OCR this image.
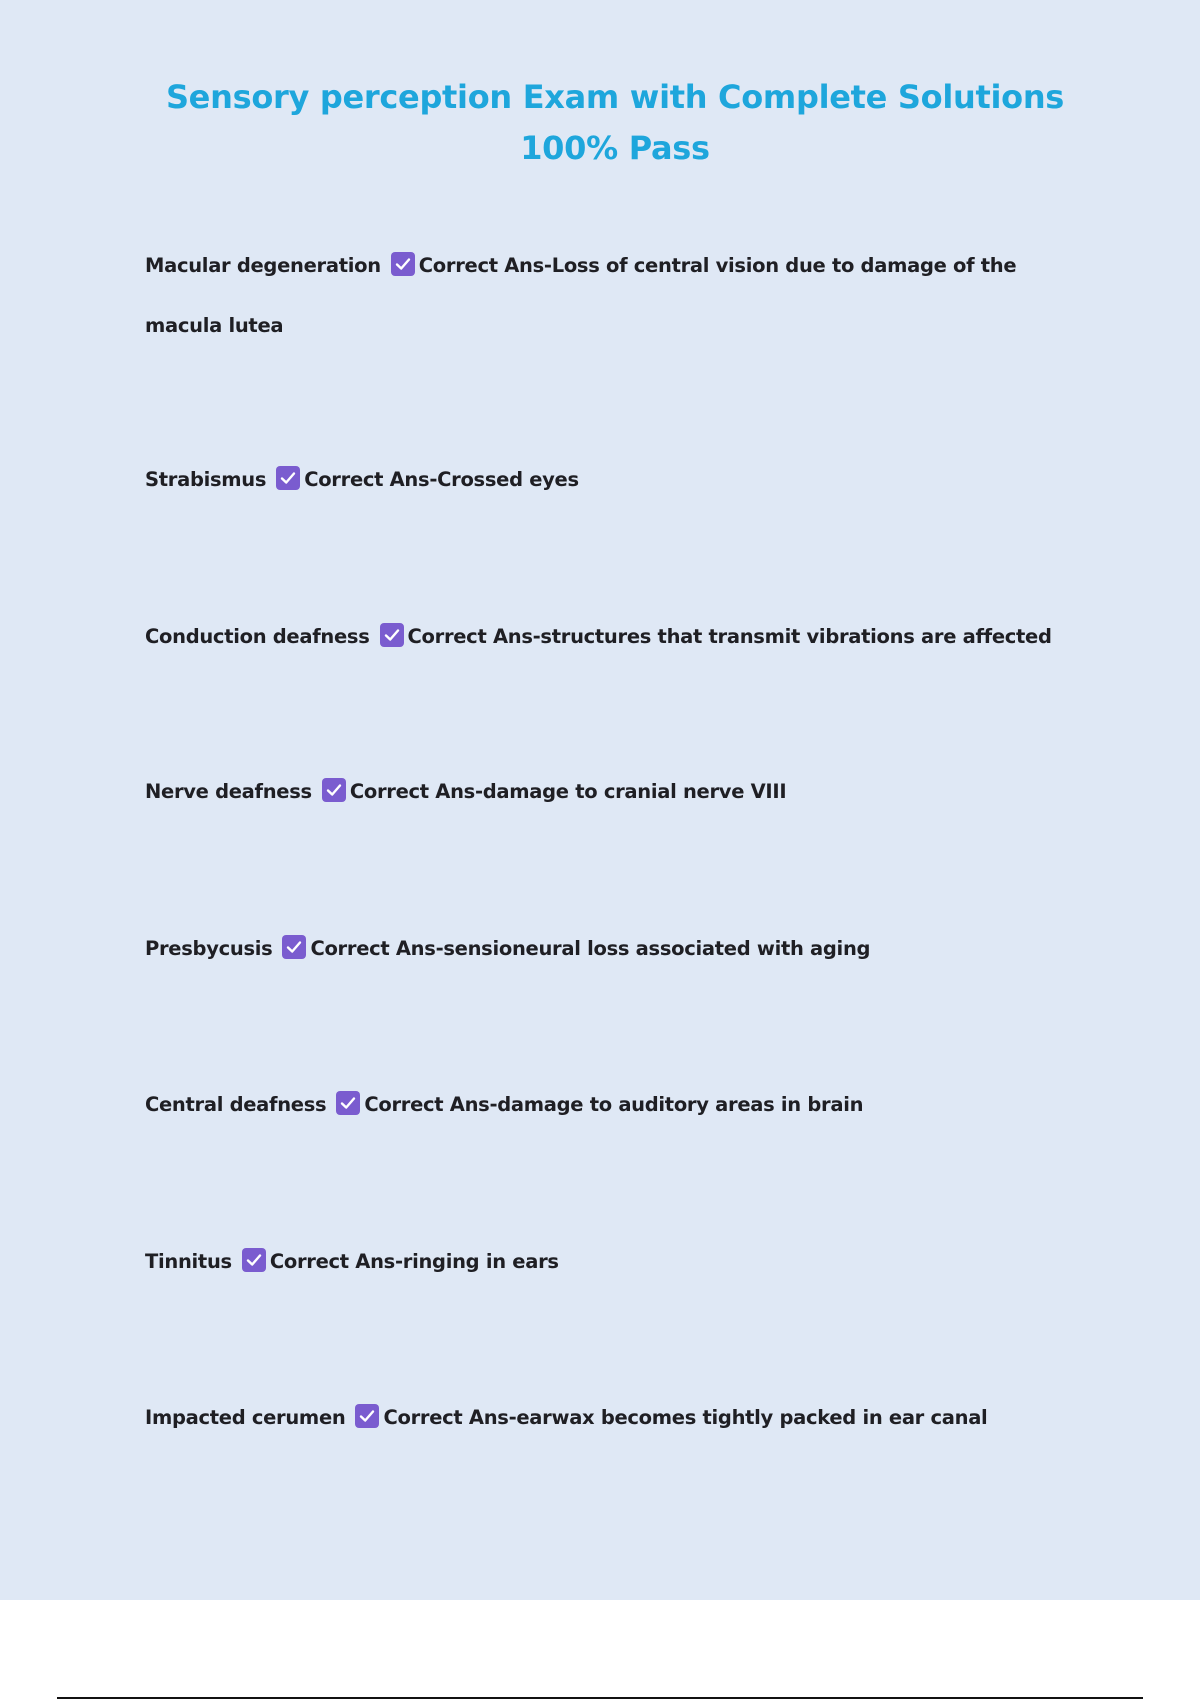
Sensory perception Exam with Complete Solutions 100% Pass
Macular degeneration Correct Ans-Loss of central vision due to damage of the macula lutea
Strabismus Correct Ans-Crossed eyes
Conduction deafness Correct Ans-structures that transmit vibrations are affected
Nerve deafness Correct Ans-damage to cranial nerve VIII
Presbycusis Correct Ans-sensioneural loss associated with aging
Central deafness Correct Ans-damage to auditory areas in brain
Tinnitus Correct Ans-ringing in ears
Impacted cerumen Correct Ans-earwax becomes tightly packed in ear canal
